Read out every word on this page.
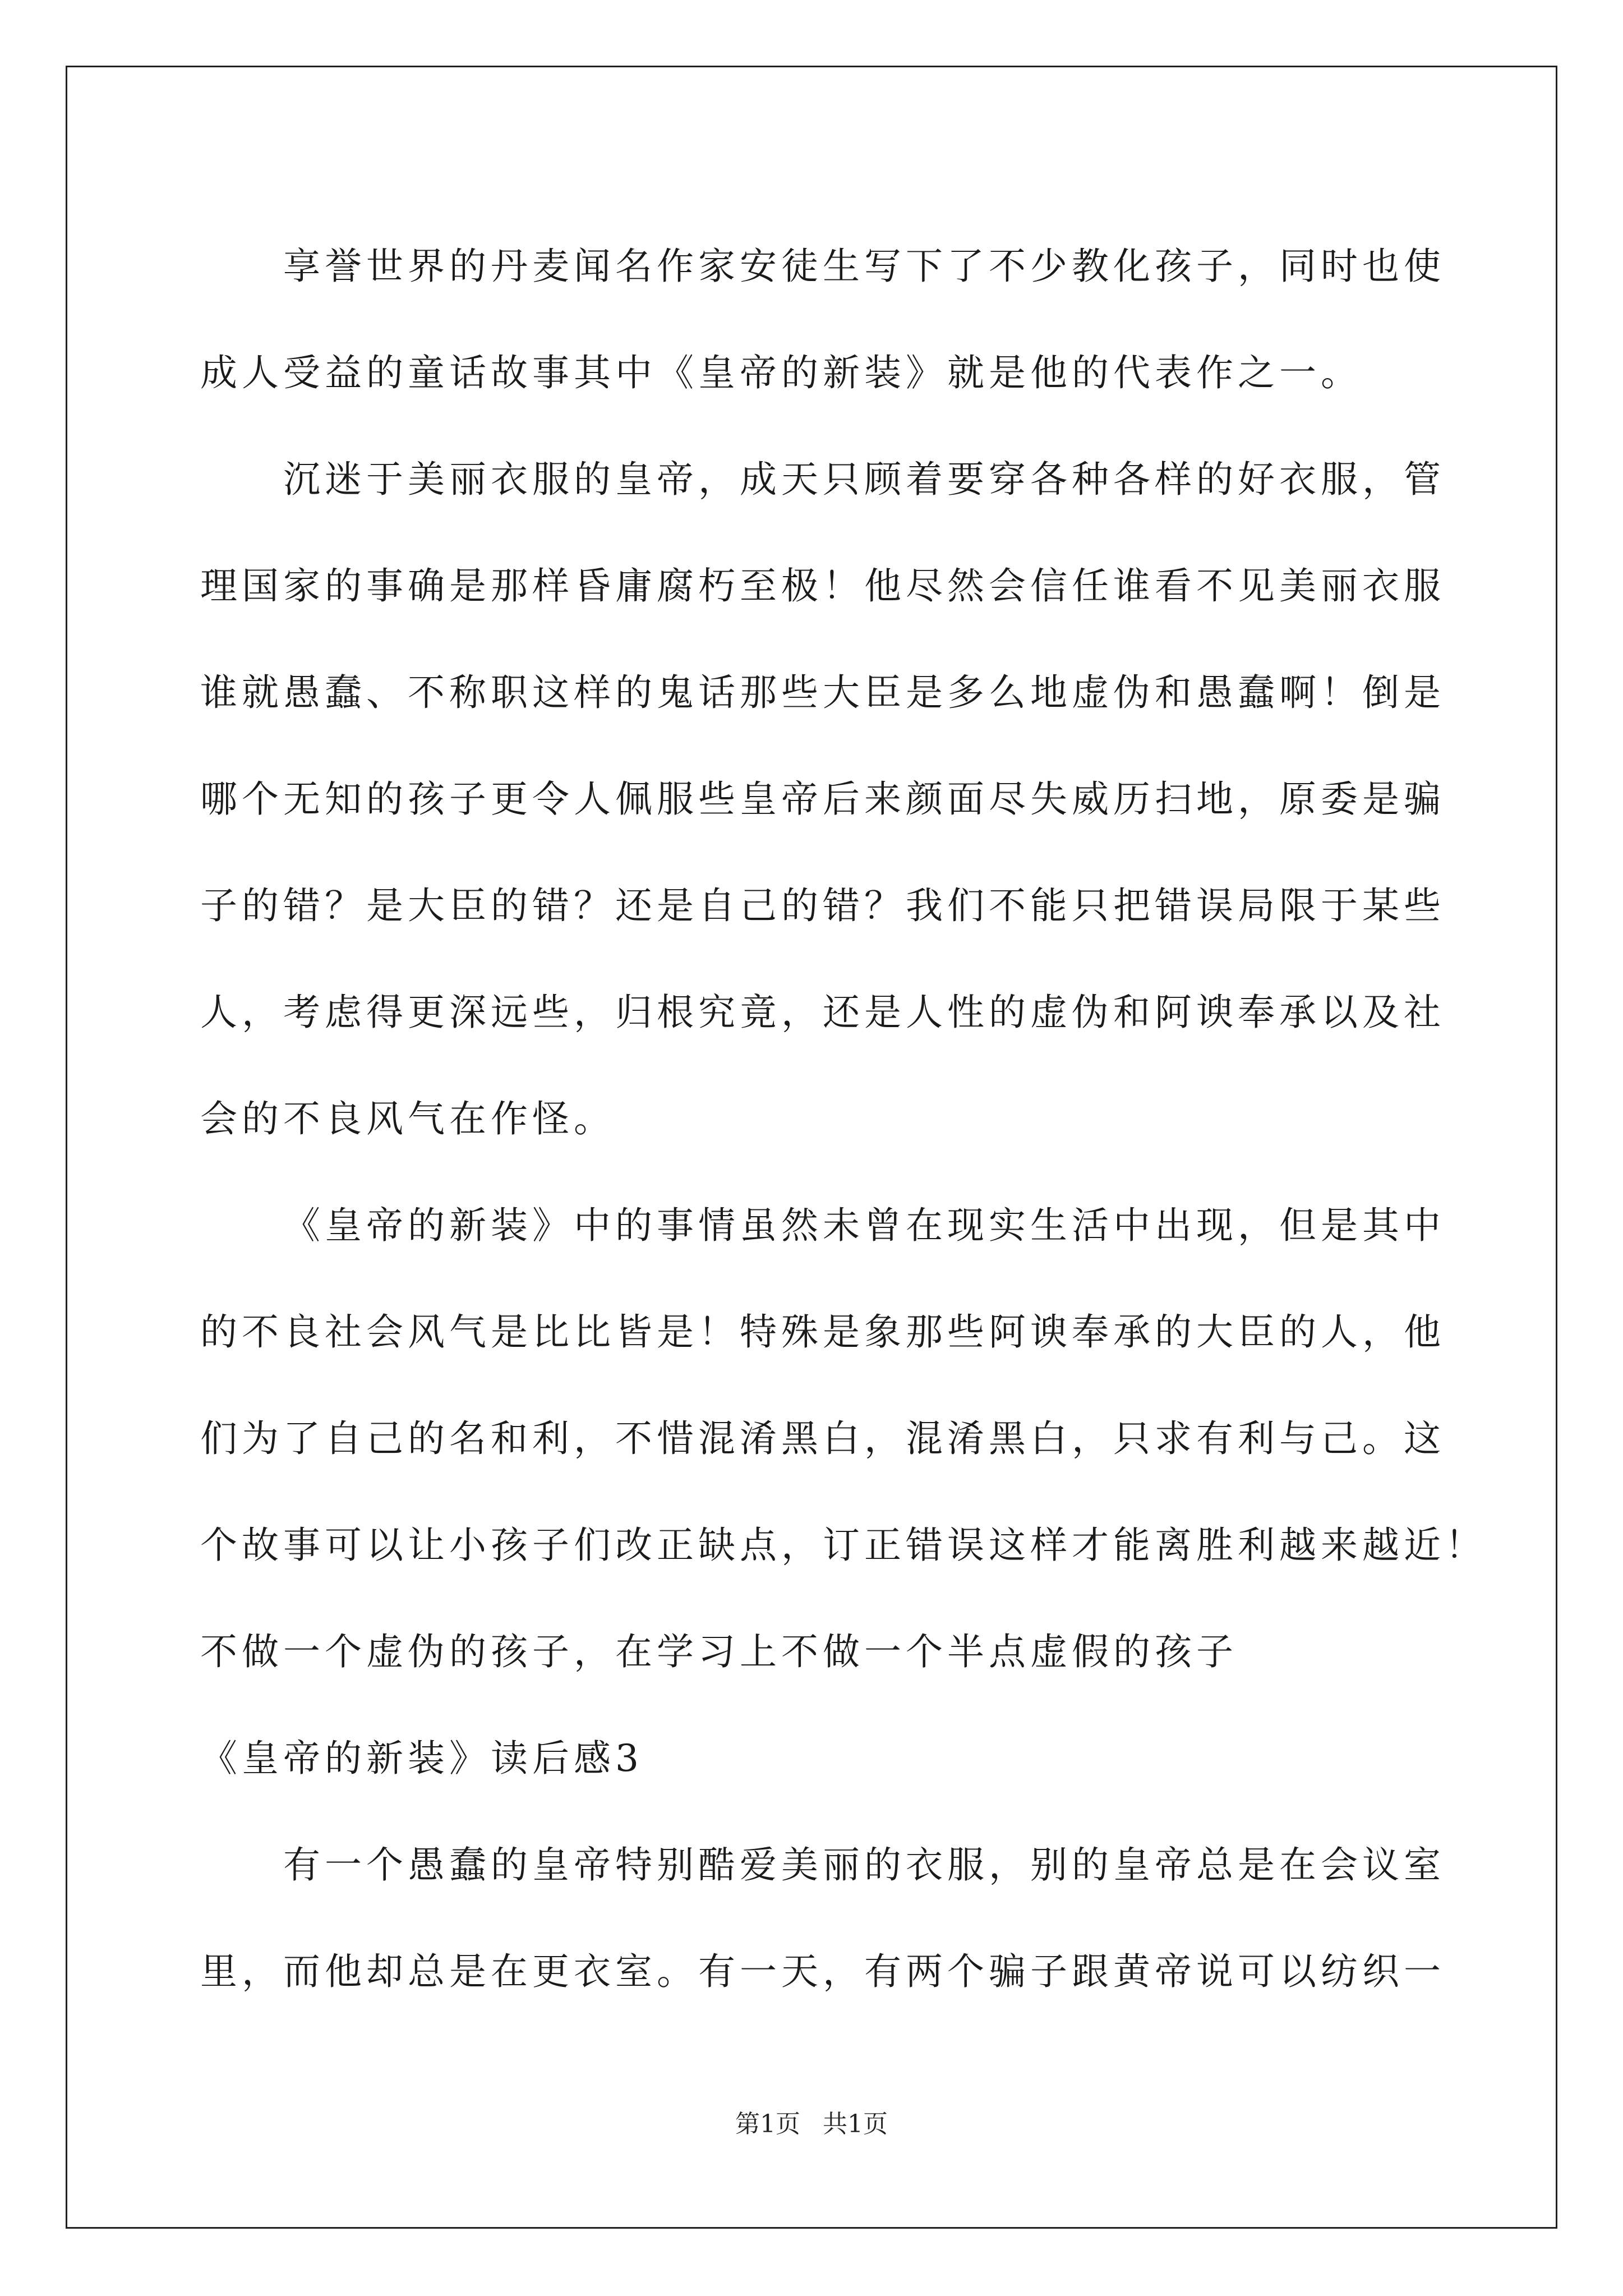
享誉世界的丹麦闻名作家安徒生写下了不少教化孩子，同时也使
成人受益的童话故事其中《皇帝的新装》就是他的代表作之一。
沉迷于美丽衣服的皇帝，成天只顾着要穿各种各样的好衣服，管
理国家的事确是那样昏庸腐朽至极！他尽然会信任谁看不见美丽衣服
谁就愚蠢、不称职这样的鬼话那些大臣是多么地虚伪和愚蠢啊！倒是
哪个无知的孩子更令人佩服些皇帝后来颜面尽失威历扫地，原委是骗
子的错？是大臣的错？还是自己的错？我们不能只把错误局限于某些
人，考虑得更深远些，归根究竟，还是人性的虚伪和阿谀奉承以及社
会的不良风气在作怪。
《皇帝的新装》中的事情虽然未曾在现实生活中出现，但是其中
的不良社会风气是比比皆是！特殊是象那些阿谀奉承的大臣的人，他
们为了自己的名和利，不惜混淆黑白，混淆黑白，只求有利与己。这
个故事可以让小孩子们改正缺点，订正错误这样才能离胜利越来越近！
不做一个虚伪的孩子，在学习上不做一个半点虚假的孩子
《皇帝的新装》读后感3
有一个愚蠢的皇帝特别酷爱美丽的衣服，别的皇帝总是在会议室
里，而他却总是在更衣室。有一天，有两个骗子跟黄帝说可以纺织一
第1页 共1页
